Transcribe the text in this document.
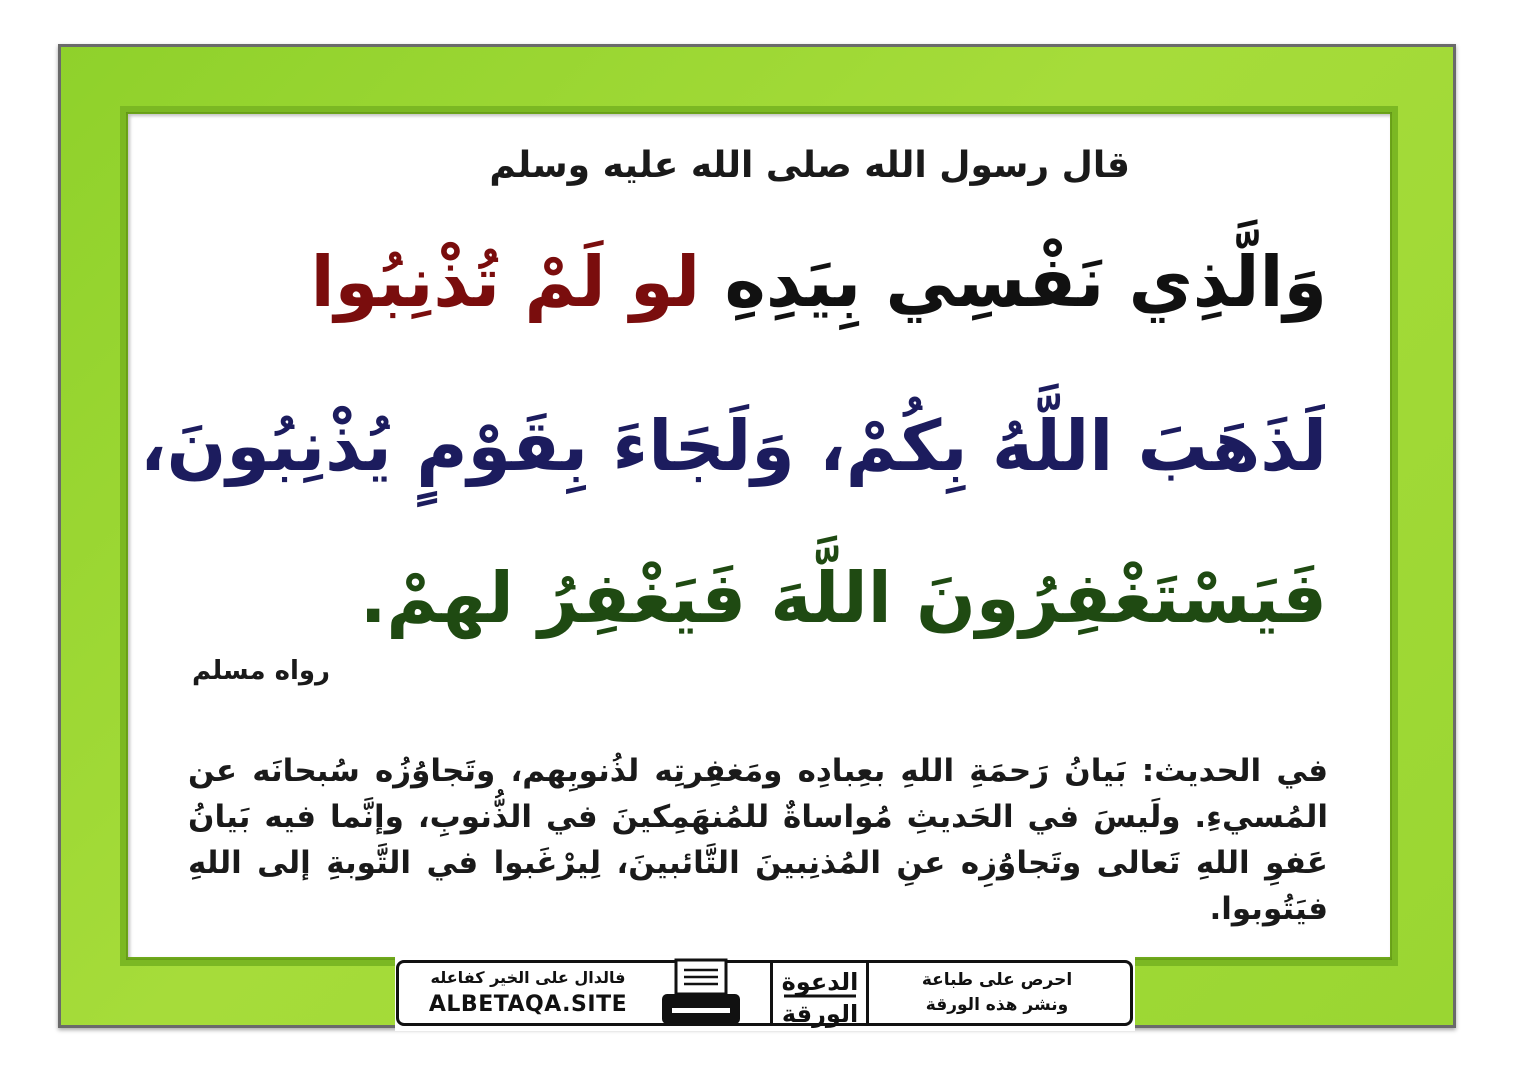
قال رسول الله صلى الله عليه وسلم
وَالَّذِي نَفْسِي بِيَدِهِ لو لَمْ تُذْنِبُوا
لَذَهَبَ اللَّهُ بِكُمْ، وَلَجَاءَ بِقَوْمٍ يُذْنِبُونَ،
فَيَسْتَغْفِرُونَ اللَّهَ فَيَغْفِرُ لهمْ.
رواه مسلم
في الحديث: بَيانُ رَحمَةِ اللهِ بعِبادِه ومَغفِرتِه لذُنوبِهم، وتَجاوُزُه سُبحانَه عن المُسيءِ. ولَيسَ في الحَديثِ مُواساةٌ للمُنهَمِكينَ في الذُّنوبِ، وإنَّما فيه بَيانُ عَفوِ اللهِ تَعالى وتَجاوُزِه عنِ المُذنِبينَ التَّائبينَ، لِيرْغَبوا في التَّوبةِ إلى اللهِ فيَتُوبوا.
فالدال على الخير كفاعله
ALBETAQA.SITE
الدعوة
الورقة
احرص على طباعة
ونشر هذه الورقة
